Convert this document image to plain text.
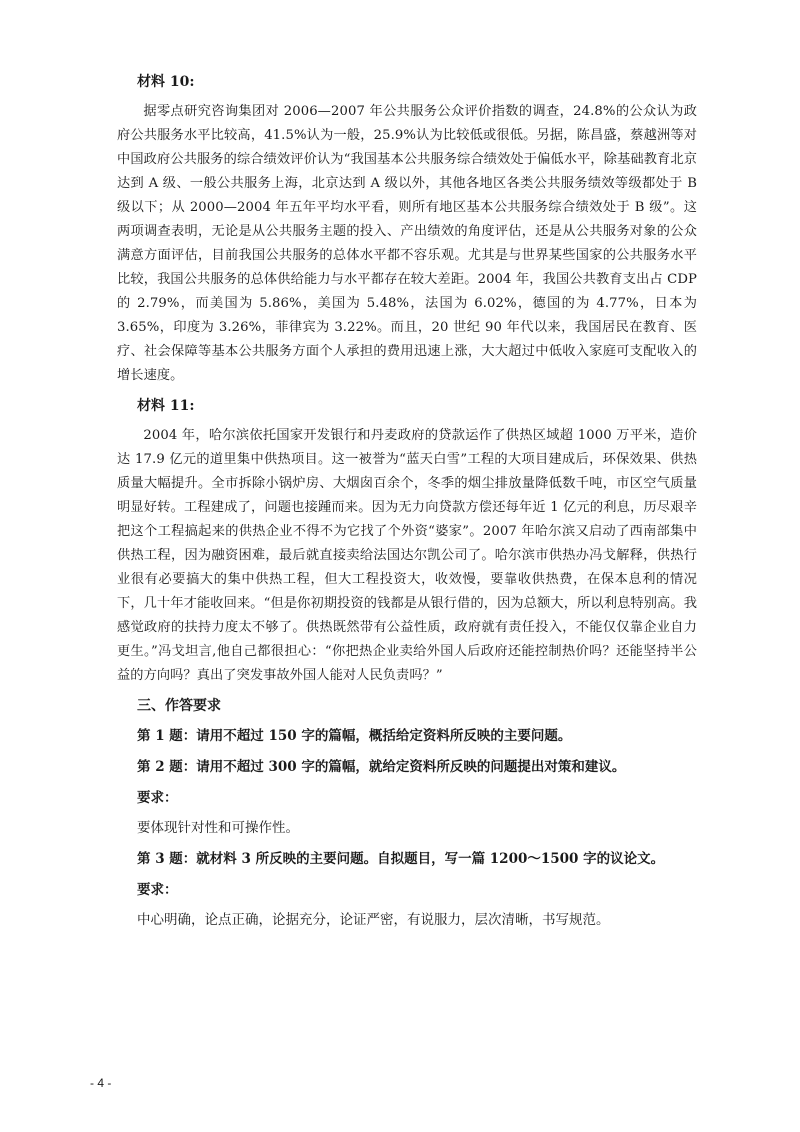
材料 10:

据零点研究咨询集团对 2006—2007 年公共服务公众评价指数的调查，24.8%的公众认为政府公共服务水平比较高，41.5%认为一般，25.9%认为比较低或很低。另据，陈昌盛，蔡越洲等对中国政府公共服务的综合绩效评价认为“我国基本公共服务综合绩效处于偏低水平，除基础教育北京达到 A 级、一般公共服务上海，北京达到 A 级以外，其他各地区各类公共服务绩效等级都处于 B 级以下；从 2000—2004 年五年平均水平看，则所有地区基本公共服务综合绩效处于 B 级”。这两项调查表明，无论是从公共服务主题的投入、产出绩效的角度评估，还是从公共服务对象的公众满意方面评估，目前我国公共服务的总体水平都不容乐观。尤其是与世界某些国家的公共服务水平比较，我国公共服务的总体供给能力与水平都存在较大差距。2004 年，我国公共教育支出占 CDP 的 2.79%，而美国为 5.86%，美国为 5.48%，法国为 6.02%，德国的为 4.77%，日本为 3.65%，印度为 3.26%，菲律宾为 3.22%。而且，20 世纪 90 年代以来，我国居民在教育、医疗、社会保障等基本公共服务方面个人承担的费用迅速上涨，大大超过中低收入家庭可支配收入的增长速度。

材料 11:

2004 年，哈尔滨依托国家开发银行和丹麦政府的贷款运作了供热区域超 1000 万平米，造价达 17.9 亿元的道里集中供热项目。这一被誉为“蓝天白雪”工程的大项目建成后，环保效果、供热质量大幅提升。全市拆除小锅炉房、大烟囱百余个，冬季的烟尘排放量降低数千吨，市区空气质量明显好转。工程建成了，问题也接踵而来。因为无力向贷款方偿还每年近 1 亿元的利息，历尽艰辛把这个工程搞起来的供热企业不得不为它找了个外资“婆家”。2007 年哈尔滨又启动了西南部集中供热工程，因为融资困难，最后就直接卖给法国达尔凯公司了。哈尔滨市供热办冯戈解释，供热行业很有必要搞大的集中供热工程，但大工程投资大，收效慢，要靠收供热费，在保本息利的情况下，几十年才能收回来。“但是你初期投资的钱都是从银行借的，因为总额大，所以利息特别高。我感觉政府的扶持力度太不够了。供热既然带有公益性质，政府就有责任投入，不能仅仅靠企业自力更生。”冯戈坦言,他自己都很担心：“你把热企业卖给外国人后政府还能控制热价吗？还能坚持半公益的方向吗？真出了突发事故外国人能对人民负责吗？”

三、作答要求
第 1 题：请用不超过 150 字的篇幅，概括给定资料所反映的主要问题。
第 2 题：请用不超过 300 字的篇幅，就给定资料所反映的问题提出对策和建议。
要求：
要体现针对性和可操作性。
第 3 题：就材料 3 所反映的主要问题。自拟题目，写一篇 1200～1500 字的议论文。
要求：
中心明确，论点正确，论据充分，论证严密，有说服力，层次清晰，书写规范。
- 4 -
